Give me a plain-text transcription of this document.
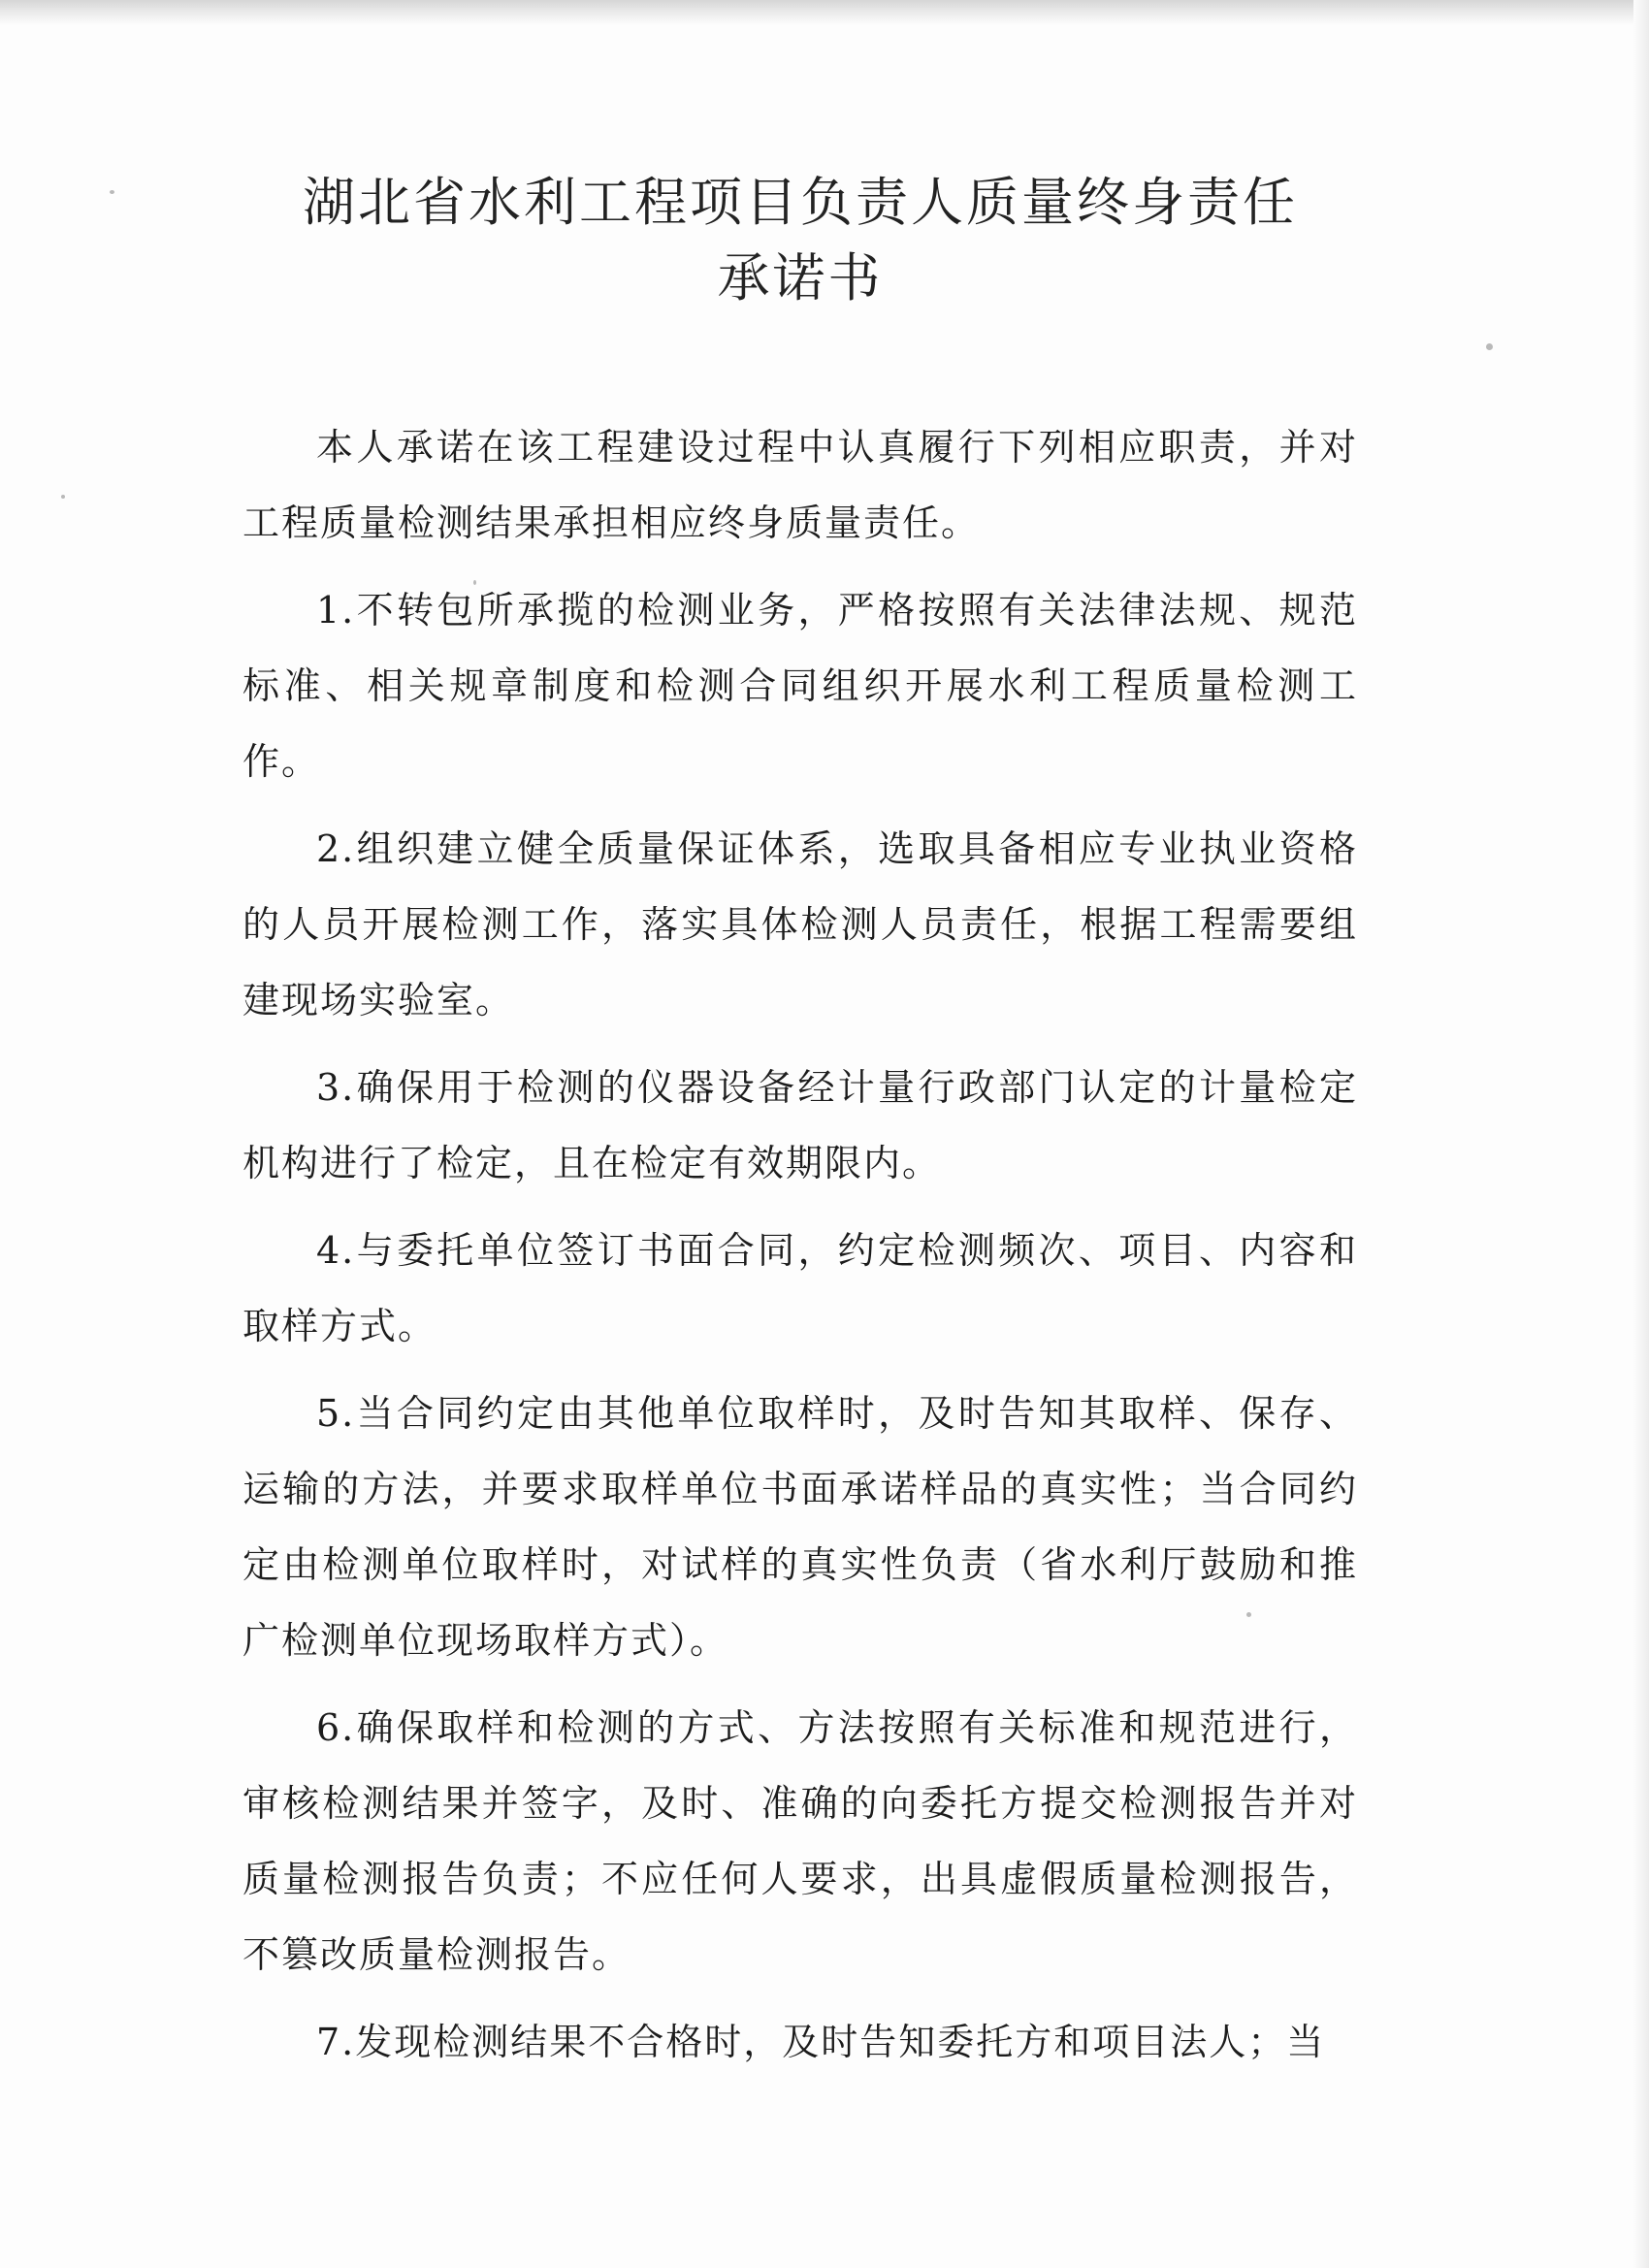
湖北省水利工程项目负责人质量终身责任
承诺书

本人承诺在该工程建设过程中认真履行下列相应职责，并对工程质量检测结果承担相应终身质量责任。

1.不转包所承揽的检测业务，严格按照有关法律法规、规范标准、相关规章制度和检测合同组织开展水利工程质量检测工作。

2.组织建立健全质量保证体系，选取具备相应专业执业资格的人员开展检测工作，落实具体检测人员责任，根据工程需要组建现场实验室。

3.确保用于检测的仪器设备经计量行政部门认定的计量检定机构进行了检定，且在检定有效期限内。

4.与委托单位签订书面合同，约定检测频次、项目、内容和取样方式。

5.当合同约定由其他单位取样时，及时告知其取样、保存、运输的方法，并要求取样单位书面承诺样品的真实性；当合同约定由检测单位取样时，对试样的真实性负责（省水利厅鼓励和推广检测单位现场取样方式）。

6.确保取样和检测的方式、方法按照有关标准和规范进行，审核检测结果并签字，及时、准确的向委托方提交检测报告并对质量检测报告负责；不应任何人要求，出具虚假质量检测报告，不篡改质量检测报告。

7.发现检测结果不合格时，及时告知委托方和项目法人；当
